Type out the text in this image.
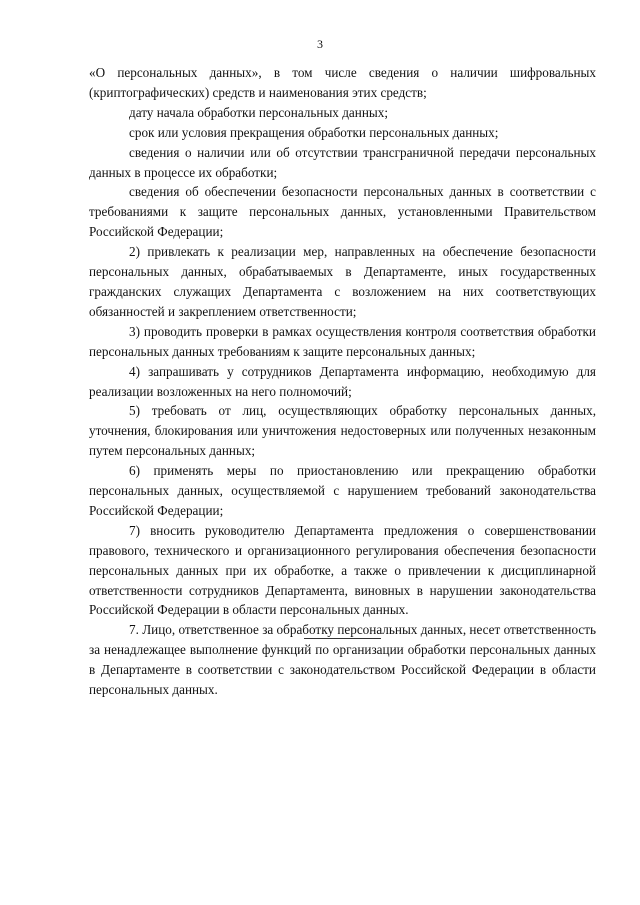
3

«О персональных данных», в том числе сведения о наличии шифровальных (криптографических) средств и наименования этих средств;

дату начала обработки персональных данных;

срок или условия прекращения обработки персональных данных;

сведения о наличии или об отсутствии трансграничной передачи персональных данных в процессе их обработки;

сведения об обеспечении безопасности персональных данных в соответствии с требованиями к защите персональных данных, установленными Правительством Российской Федерации;

2) привлекать к реализации мер, направленных на обеспечение безопасности персональных данных, обрабатываемых в Департаменте, иных государственных гражданских служащих Департамента с возложением на них соответствующих обязанностей и закреплением ответственности;

3) проводить проверки в рамках осуществления контроля соответствия обработки персональных данных требованиям к защите персональных данных;

4) запрашивать у сотрудников Департамента информацию, необходимую для реализации возложенных на него полномочий;

5) требовать от лиц, осуществляющих обработку персональных данных, уточнения, блокирования или уничтожения недостоверных или полученных незаконным путем персональных данных;

6) применять меры по приостановлению или прекращению обработки персональных данных, осуществляемой с нарушением требований законодательства Российской Федерации;

7) вносить руководителю Департамента предложения о совершенствовании правового, технического и организационного регулирования обеспечения безопасности персональных данных при их обработке, а также о привлечении к дисциплинарной ответственности сотрудников Департамента, виновных в нарушении законодательства Российской Федерации в области персональных данных.

7. Лицо, ответственное за обработку персональных данных, несет ответственность за ненадлежащее выполнение функций по организации обработки персональных данных в Департаменте в соответствии с законодательством Российской Федерации в области персональных данных.
